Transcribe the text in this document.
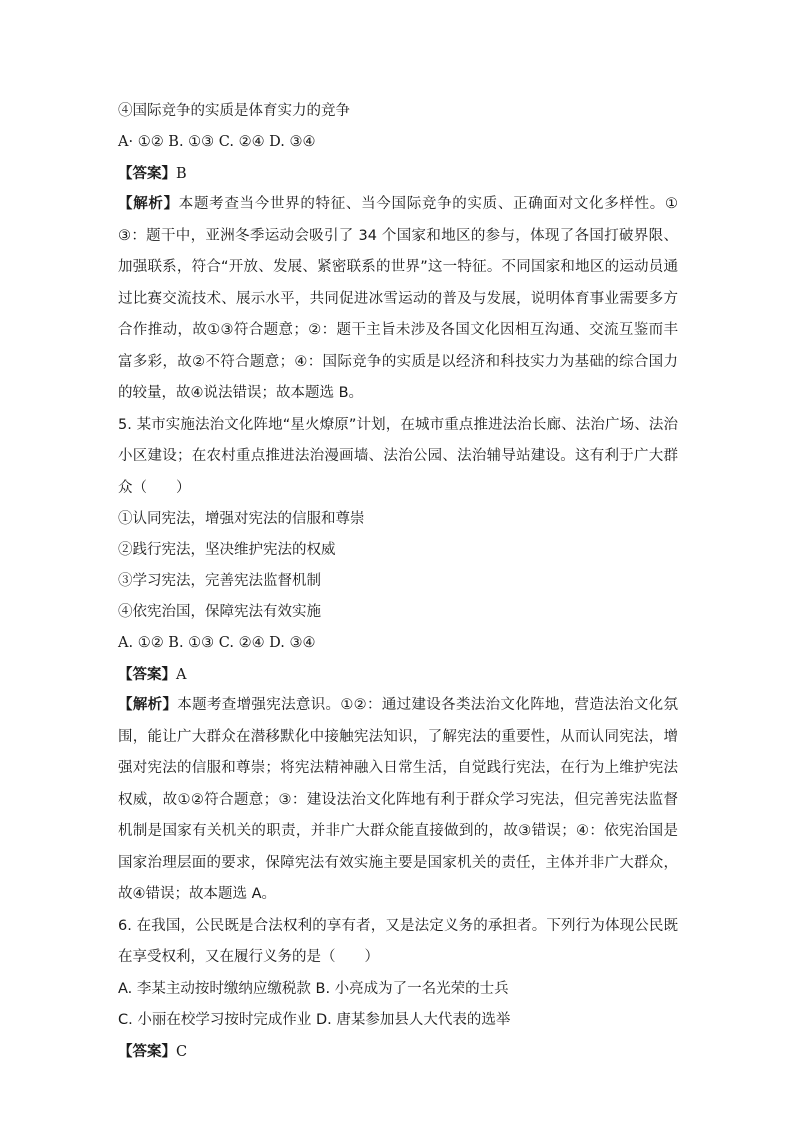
④国际竞争的实质是体育实力的竞争
A· ①② B. ①③ C. ②④ D. ③④
【答案】B
【解析】本题考查当今世界的特征、当今国际竞争的实质、正确面对文化多样性。①③：题干中，亚洲冬季运动会吸引了 34 个国家和地区的参与，体现了各国打破界限、加强联系，符合“开放、发展、紧密联系的世界”这一特征。不同国家和地区的运动员通过比赛交流技术、展示水平，共同促进冰雪运动的普及与发展，说明体育事业需要多方合作推动，故①③符合题意；②：题干主旨未涉及各国文化因相互沟通、交流互鉴而丰富多彩，故②不符合题意；④：国际竞争的实质是以经济和科技实力为基础的综合国力的较量，故④说法错误；故本题选 B。
5. 某市实施法治文化阵地“星火燎原”计划，在城市重点推进法治长廊、法治广场、法治小区建设；在农村重点推进法治漫画墙、法治公园、法治辅导站建设。这有利于广大群众（　　）
①认同宪法，增强对宪法的信服和尊崇
②践行宪法，坚决维护宪法的权威
③学习宪法，完善宪法监督机制
④依宪治国，保障宪法有效实施
A. ①② B. ①③ C. ②④ D. ③④
【答案】A
【解析】本题考查增强宪法意识。①②：通过建设各类法治文化阵地，营造法治文化氛围，能让广大群众在潜移默化中接触宪法知识，了解宪法的重要性，从而认同宪法，增强对宪法的信服和尊崇；将宪法精神融入日常生活，自觉践行宪法，在行为上维护宪法权威，故①②符合题意；③：建设法治文化阵地有利于群众学习宪法，但完善宪法监督机制是国家有关机关的职责，并非广大群众能直接做到的，故③错误；④：依宪治国是国家治理层面的要求，保障宪法有效实施主要是国家机关的责任，主体并非广大群众，故④错误；故本题选 A。
6. 在我国，公民既是合法权利的享有者，又是法定义务的承担者。下列行为体现公民既在享受权利，又在履行义务的是（　　）
A. 李某主动按时缴纳应缴税款 B. 小亮成为了一名光荣的士兵
C. 小丽在校学习按时完成作业 D. 唐某参加县人大代表的选举
【答案】C
